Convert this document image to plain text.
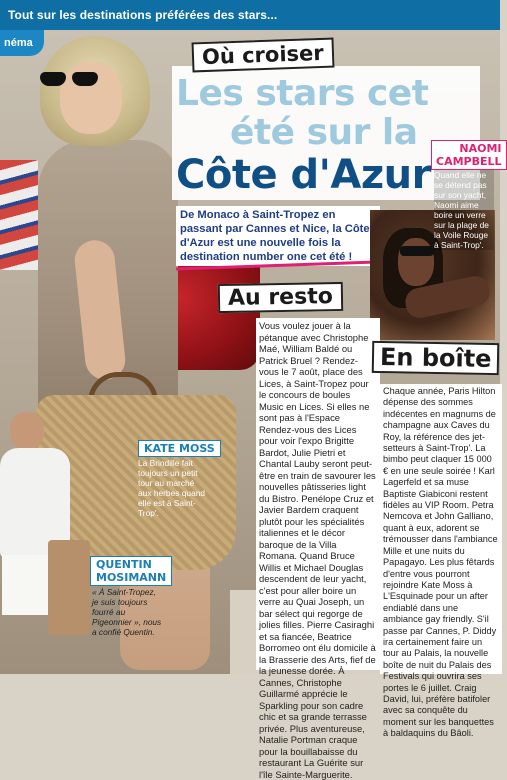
Tout sur les destinations préférées des stars...
néma	Où croiser
Les stars cet
été sur la
Côte d'Azur
De Monaco à Saint-Tropez en passant par Cannes et Nice, la Côte d'Azur est une nouvelle fois la destination number one cet été !
NAOMI
CAMPBELL
Quand elle ne se détend pas sur son yacht, Naomi aime boire un verre sur la plage de la Voile Rouge à Saint-Trop'.
Au resto
Vous voulez jouer à la pétanque avec Christophe Maé, William Baldé ou Patrick Bruel ? Rendez-vous le 7 août, place des Lices, à Saint-Tropez pour le concours de boules Music en Lices. Si elles ne sont pas à l'Espace Rendez-vous des Lices pour voir l'expo Brigitte Bardot, Julie Pietri et Chantal Lauby seront peut-être en train de savourer les nouvelles pâtisseries light du Bistro. Penélope Cruz et Javier Bardem craquent plutôt pour les spécialités italiennes et le décor baroque de la Villa Romana. Quand Bruce Willis et Michael Douglas descendent de leur yacht, c'est pour aller boire un verre au Quai Joseph, un bar sélect qui regorge de jolies filles. Pierre Casiraghi et sa fiancée, Beatrice Borromeo ont élu domicile à la Brasserie des Arts, fief de la jeunesse dorée. À Cannes, Christophe Guillarmé apprécie le Sparkling pour son cadre chic et sa grande terrasse privée. Plus aventureuse, Natalie Portman craque pour la bouillabaisse du restaurant La Guérite sur l'île Sainte-Marguerite.
En boîte
Chaque année, Paris Hilton dépense des sommes indécentes en magnums de champagne aux Caves du Roy, la référence des jet-setteurs à Saint-Trop'. La bimbo peut claquer 15 000 € en une seule soirée ! Karl Lagerfeld et sa muse Baptiste Giabiconi restent fidèles au VIP Room. Petra Nemcova et John Galliano, quant à eux, adorent se trémousser dans l'ambiance Mille et une nuits du Papagayo. Les plus fêtards d'entre vous pourront rejoindre Kate Moss à L'Esquinade pour un after endiablé dans une ambiance gay friendly. S'il passe par Cannes, P. Diddy ira certainement faire un tour au Palais, la nouvelle boîte de nuit du Palais des Festivals qui ouvrira ses portes le 6 juillet. Craig David, lui, préfère batifoler avec sa conquête du moment sur les banquettes à baldaquins du Bâoli.
KATE MOSS
La Brindille fait toujours un petit tour au marché aux herbes quand elle est à Saint-Trop'.
QUENTIN
MOSIMANN
« À Saint-Tropez, je suis toujours fourré au Pigeonnier », nous a confié Quentin.
